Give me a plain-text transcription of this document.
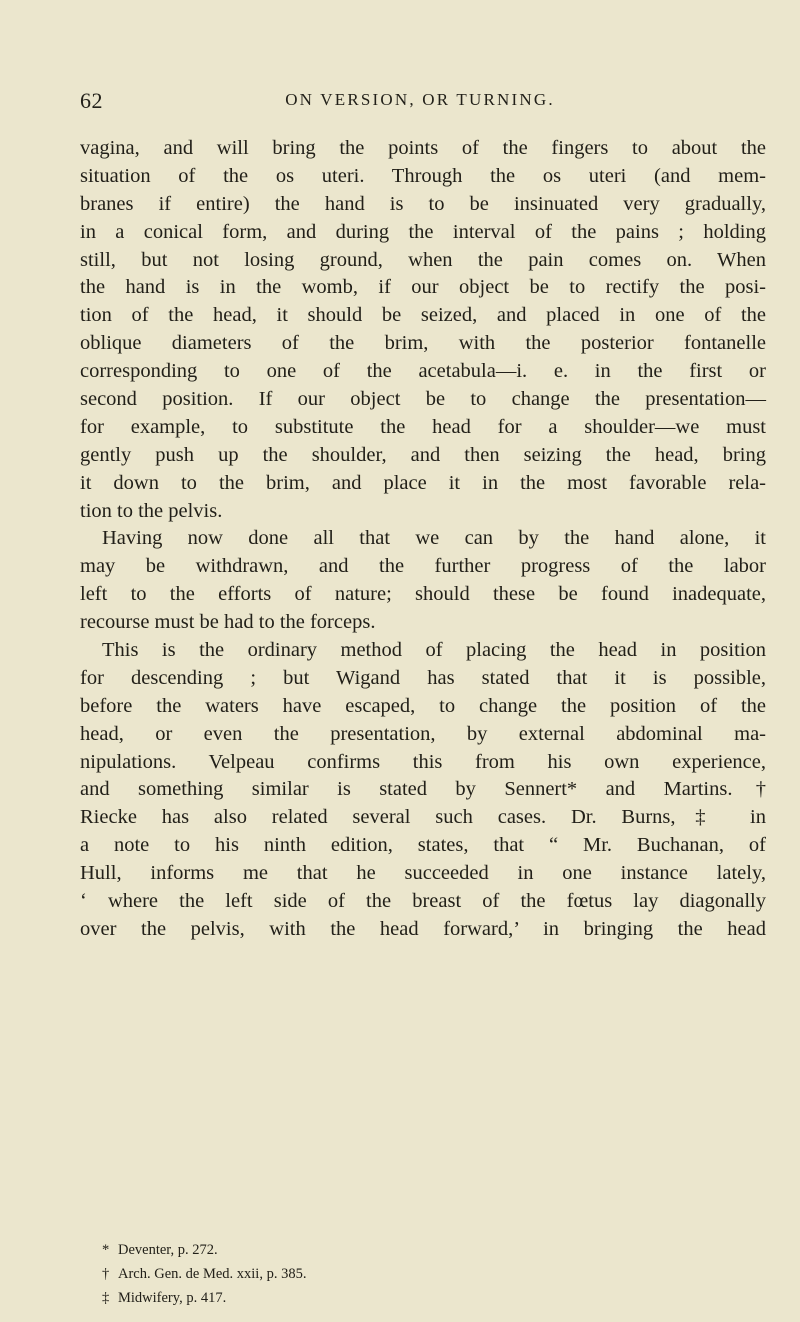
62	ON VERSION, OR TURNING.
vagina, and will bring the points of the fingers to about the
situation of the os uteri. Through the os uteri (and mem-
branes if entire) the hand is to be insinuated very gradually,
in a conical form, and during the interval of the pains ; holding
still, but not losing ground, when the pain comes on. When
the hand is in the womb, if our object be to rectify the posi-
tion of the head, it should be seized, and placed in one of the
oblique diameters of the brim, with the posterior fontanelle
corresponding to one of the acetabula—i. e. in the first or
second position. If our object be to change the presentation—
for example, to substitute the head for a shoulder—we must
gently push up the shoulder, and then seizing the head, bring
it down to the brim, and place it in the most favorable rela-
tion to the pelvis.
Having now done all that we can by the hand alone, it
may be withdrawn, and the further progress of the labor
left to the efforts of nature; should these be found inadequate,
recourse must be had to the forceps.
This is the ordinary method of placing the head in position
for descending ; but Wigand has stated that it is possible,
before the waters have escaped, to change the position of the
head, or even the presentation, by external abdominal ma-
nipulations. Velpeau confirms this from his own experience,
and something similar is stated by Sennert* and Martins.†
Riecke has also related several such cases. Dr. Burns,‡ in
a note to his ninth edition, states, that “ Mr. Buchanan, of
Hull, informs me that he succeeded in one instance lately,
‘ where the left side of the breast of the fœtus lay diagonally
over the pelvis, with the head forward,’ in bringing the head
* Deventer, p. 272.
† Arch. Gen. de Med. xxii, p. 385.
‡ Midwifery, p. 417.
